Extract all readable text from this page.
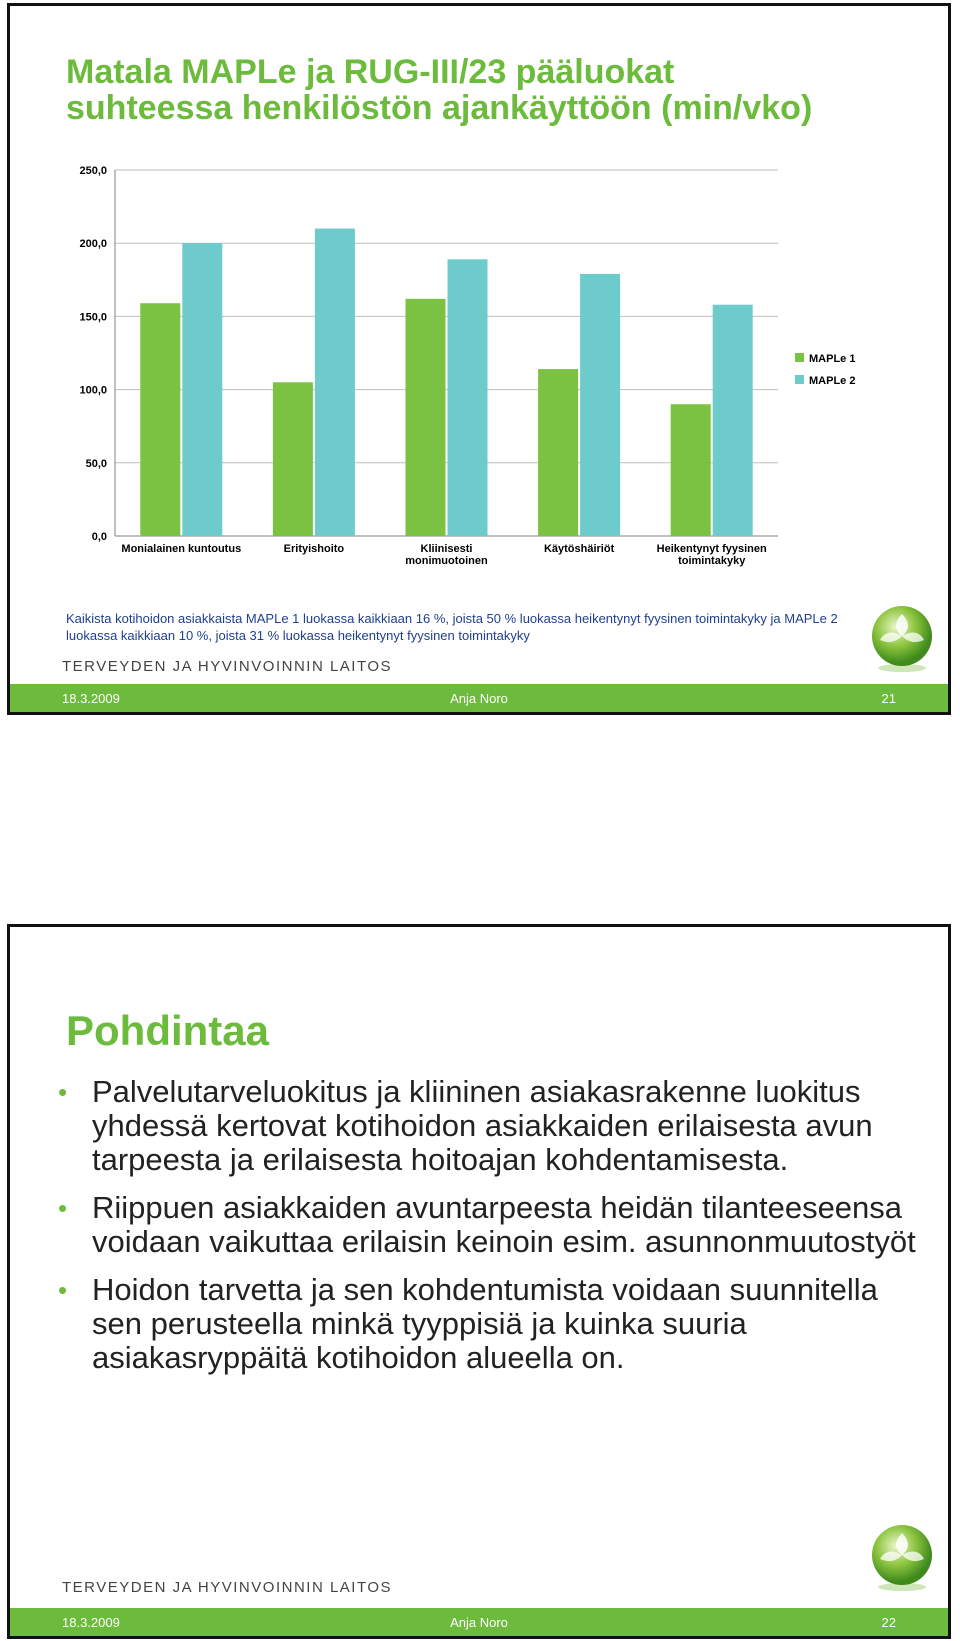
Matala MAPLe ja RUG-III/23 pääluokat
suhteessa henkilöstön ajankäyttöön (min/vko)
0,0
50,0
100,0
150,0
200,0
250,0
Monialainen kuntoutus	Erityishoito	Kliinisesti
monimuotoinen
Käytöshäiriöt	Heikentynyt fyysinen
toimintakyky
MAPLe 1
MAPLe 2

Kaikista kotihoidon asiakkaista MAPLe 1 luokassa kaikkiaan 16 %, joista 50 % luokassa heikentynyt fyysinen toimintakyky ja MAPLe 2 luokassa kaikkiaan 10 %, joista 31 % luokassa heikentynyt fyysinen toimintakyky

TERVEYDEN JA HYVINVOINNIN LAITOS

18.3.2009	Anja Noro	21
Pohdintaa
• Palvelutarveluokitus ja kliininen asiakasrakenne luokitus yhdessä kertovat kotihoidon asiakkaiden erilaisesta avun tarpeesta ja erilaisesta hoitoajan kohdentamisesta.
• Riippuen asiakkaiden avuntarpeesta heidän tilanteeseensa voidaan vaikuttaa erilaisin keinoin esim. asunnonmuutostyöt
• Hoidon tarvetta ja sen kohdentumista voidaan suunnitella sen perusteella minkä tyyppisiä ja kuinka suuria asiakasryppäitä kotihoidon alueella on.

TERVEYDEN JA HYVINVOINNIN LAITOS

18.3.2009	Anja Noro	22
